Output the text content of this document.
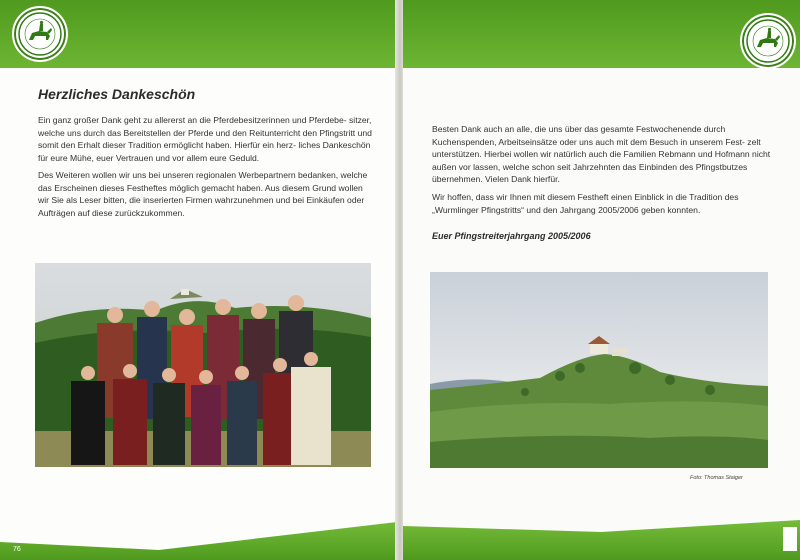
Herzliches Dankeschön

Ein ganz großer Dank geht zu allererst an die Pferdebesitzerinnen und Pferdebe- sitzer, welche uns durch das Bereitstellen der Pferde und den Reitunterricht den Pfingstritt und somit den Erhalt dieser Tradition ermöglicht haben. Hierfür ein herz- liches Dankeschön für eure Mühe, euer Vertrauen und vor allem eure Geduld.

Des Weiteren wollen wir uns bei unseren regionalen Werbepartnern bedanken, welche das Erscheinen dieses Festheftes möglich gemacht haben. Aus diesem Grund wollen wir Sie als Leser bitten, die inserierten Firmen wahrzunehmen und bei Einkäufen oder Aufträgen auf diese zurückzukommen.

76

Besten Dank auch an alle, die uns über das gesamte Festwochenende durch Kuchenspenden, Arbeitseinsätze oder uns auch mit dem Besuch in unserem Fest- zelt unterstützen. Hierbei wollen wir natürlich auch die Familien Rebmann und Hofmann nicht außen vor lassen, welche schon seit Jahrzehnten das Einbinden des Pfingstbutzes übernehmen. Vielen Dank hierfür.

Wir hoffen, dass wir Ihnen mit diesem Festheft einen Einblick in die Tradition des „Wurmlinger Pfingstritts“ und den Jahrgang 2005/2006 geben konnten.

Euer Pfingstreiterjahrgang 2005/2006

Foto: Thomas Staiger
